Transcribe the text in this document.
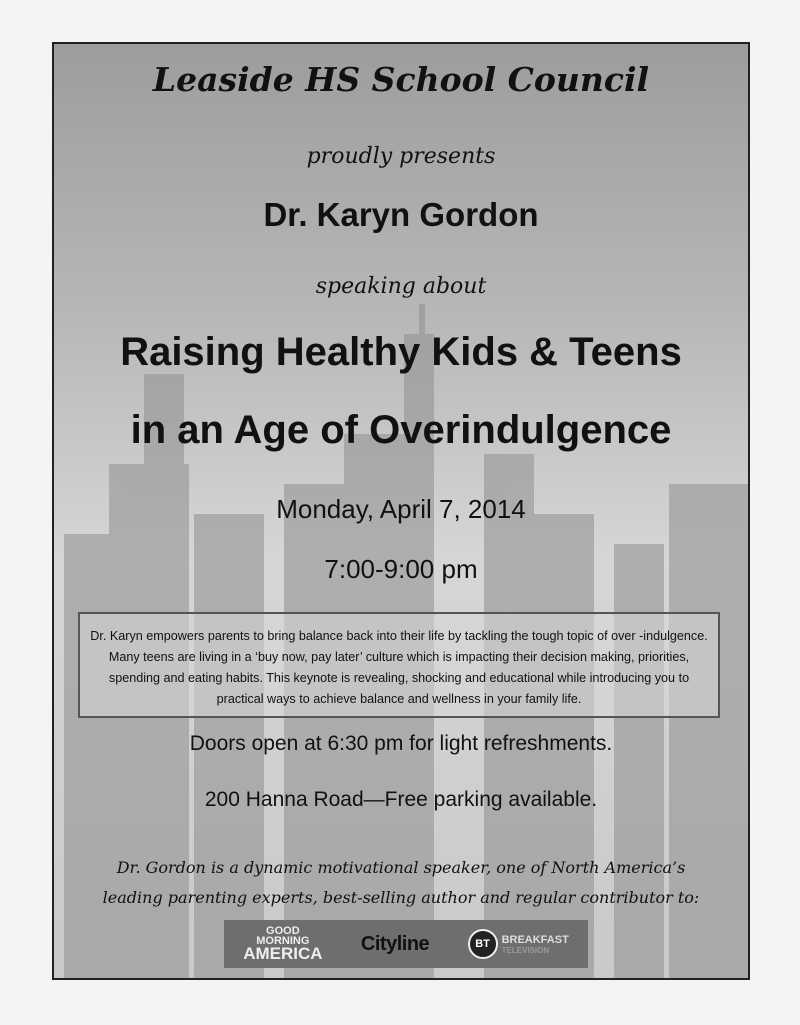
Leaside HS School Council
proudly presents
Dr. Karyn Gordon
speaking about
Raising Healthy Kids & Teens
in an Age of Overindulgence
Monday, April 7, 2014
7:00-9:00 pm
Dr. Karyn empowers parents to bring balance back into their life by tackling the tough topic of over -indulgence. Many teens are living in a ‘buy now, pay later’ culture which is impacting their decision making, priorities, spending and eating habits. This keynote is revealing, shocking and educational while introducing you to practical ways to achieve balance and wellness in your family life.
Doors open at 6:30 pm for light refreshments.
200 Hanna Road—Free parking available.
Dr. Gordon is a dynamic motivational speaker, one of North America’s
leading parenting experts, best-selling author and regular contributor to:
GOOD
MORNING
AMERICA Cityline	BT	BREAKFAST
TELEVISION
